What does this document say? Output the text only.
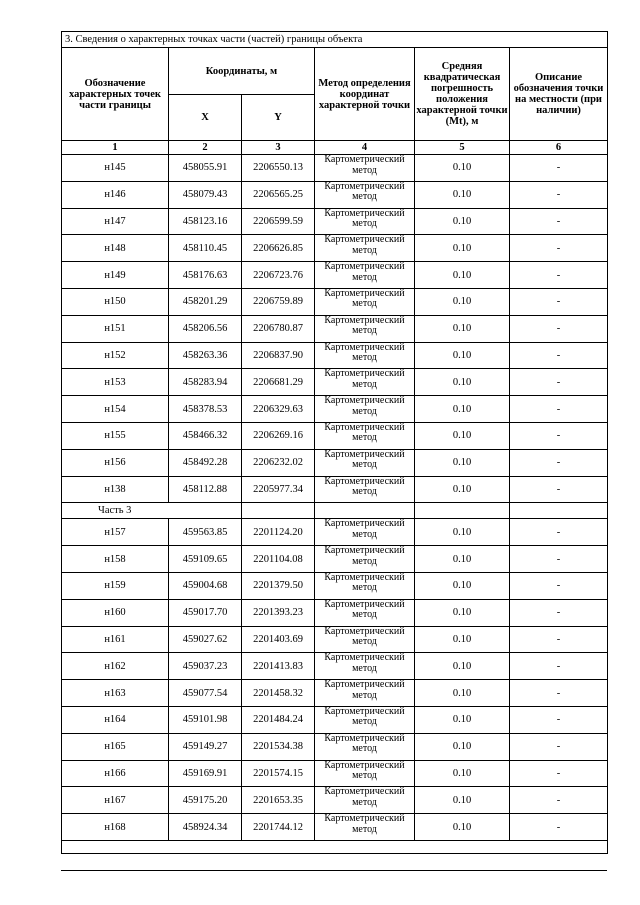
3. Сведения о характерных точках части (частей) границы объекта					
Обозначение характерных точек части границы	Координаты, м		Метод определения координат характерной точки	Средняя квадратическая погрешность положения характерной точки (Mt), м	Описание обозначения точки на местности (при наличии)
	X	Y			
1	2	3	4	5	6
н145	458055.91	2206550.13	Картометрический метод	0.10	-
н146	458079.43	2206565.25	Картометрический метод	0.10	-
н147	458123.16	2206599.59	Картометрический метод	0.10	-
н148	458110.45	2206626.85	Картометрический метод	0.10	-
н149	458176.63	2206723.76	Картометрический метод	0.10	-
н150	458201.29	2206759.89	Картометрический метод	0.10	-
н151	458206.56	2206780.87	Картометрический метод	0.10	-
н152	458263.36	2206837.90	Картометрический метод	0.10	-
н153	458283.94	2206681.29	Картометрический метод	0.10	-
н154	458378.53	2206329.63	Картометрический метод	0.10	-
н155	458466.32	2206269.16	Картометрический метод	0.10	-
н156	458492.28	2206232.02	Картометрический метод	0.10	-
н138	458112.88	2205977.34	Картометрический метод	0.10	-
Часть 3					
н157	459563.85	2201124.20	Картометрический метод	0.10	-
н158	459109.65	2201104.08	Картометрический метод	0.10	-
н159	459004.68	2201379.50	Картометрический метод	0.10	-
н160	459017.70	2201393.23	Картометрический метод	0.10	-
н161	459027.62	2201403.69	Картометрический метод	0.10	-
н162	459037.23	2201413.83	Картометрический метод	0.10	-
н163	459077.54	2201458.32	Картометрический метод	0.10	-
н164	459101.98	2201484.24	Картометрический метод	0.10	-
н165	459149.27	2201534.38	Картометрический метод	0.10	-
н166	459169.91	2201574.15	Картометрический метод	0.10	-
н167	459175.20	2201653.35	Картометрический метод	0.10	-
н168	458924.34	2201744.12	Картометрический метод	0.10	-
